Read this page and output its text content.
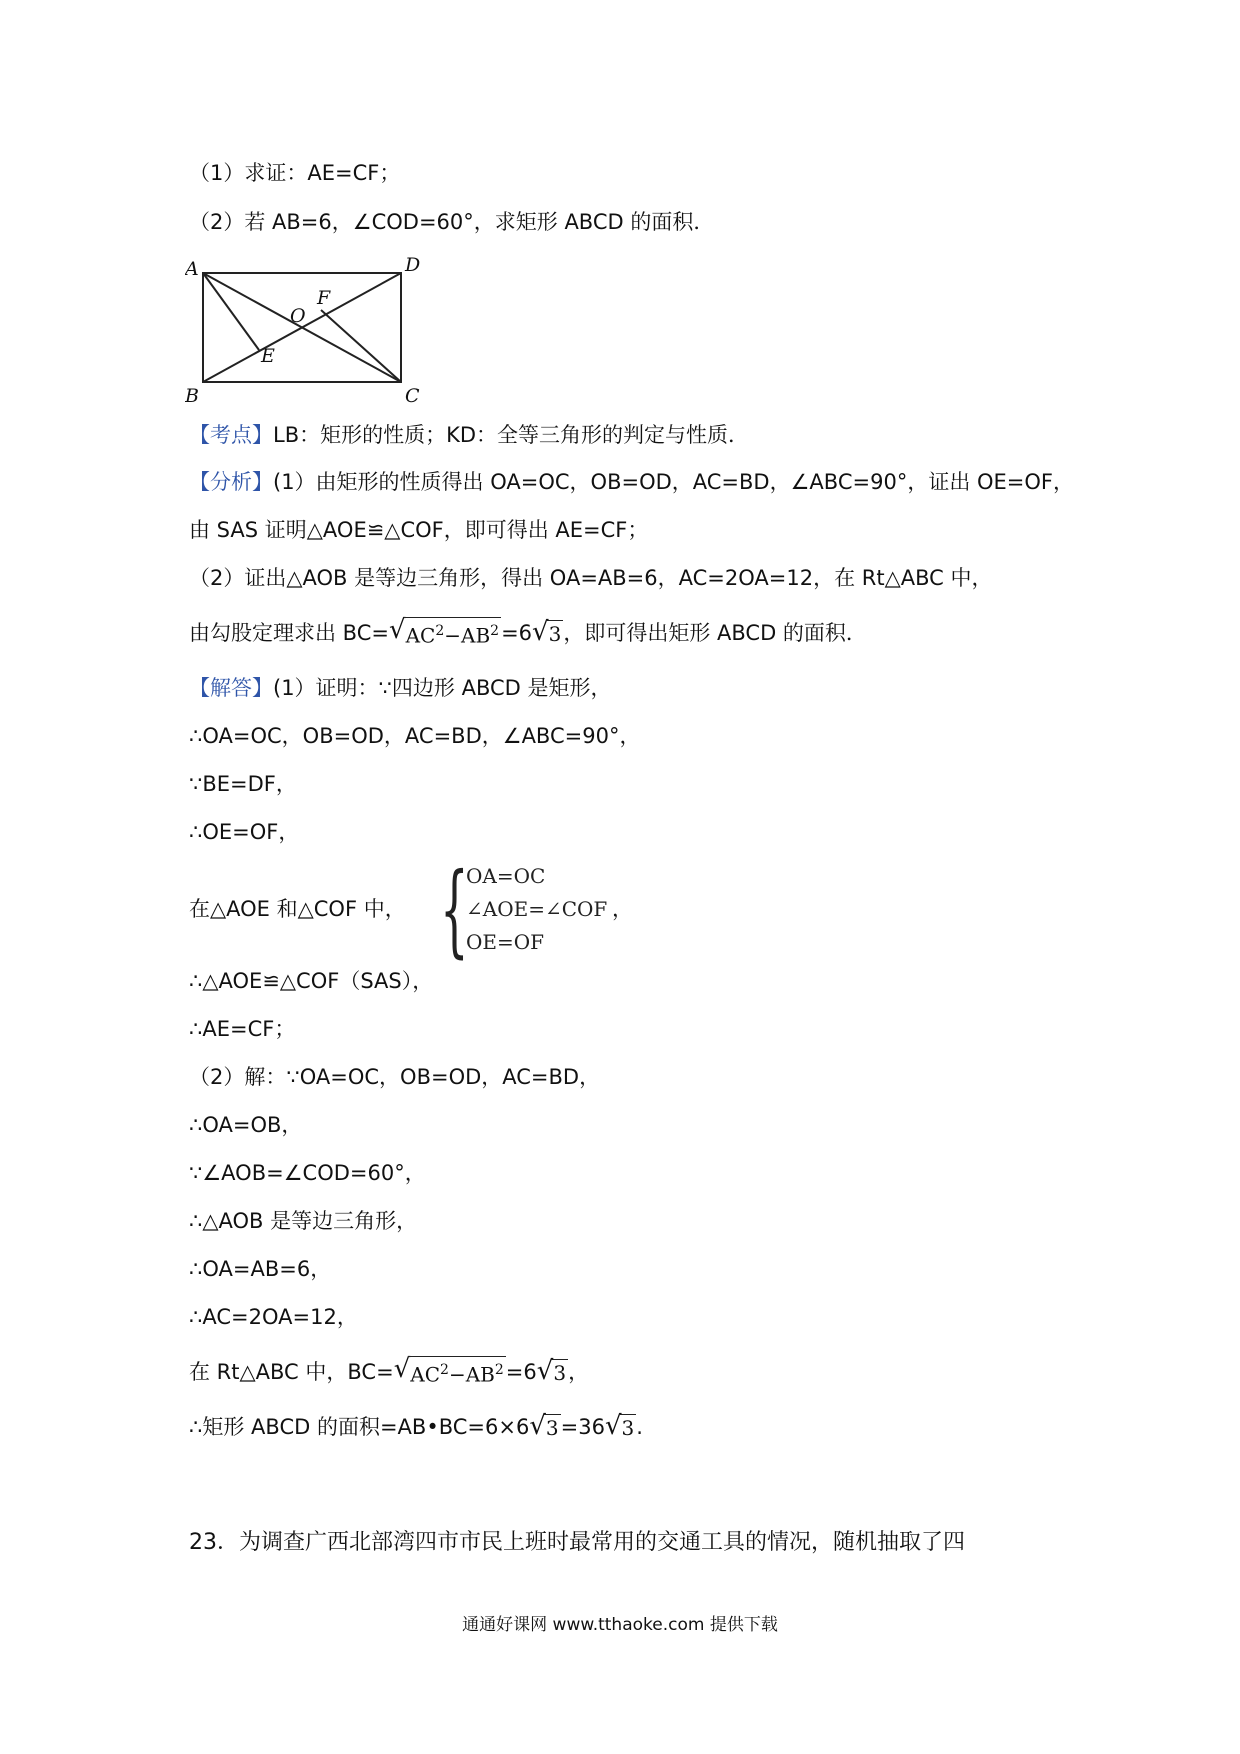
（1）求证：AE=CF；
（2）若 AB=6，∠COD=60°，求矩形 ABCD 的面积．
A	D
B	C
O
F
E
【考点】LB：矩形的性质；KD：全等三角形的判定与性质．
【分析】(1）由矩形的性质得出 OA=OC，OB=OD，AC=BD，∠ABC=90°，证出 OE=OF，
由 SAS 证明△AOE≌△COF，即可得出 AE=CF；
（2）证出△AOB 是等边三角形，得出 OA=AB=6，AC=2OA=12，在 Rt△ABC 中，
由勾股定理求出 $BC=√AC^2-AB^2=6√3$，即可得出矩形 ABCD 的面积．
【解答】(1）证明：∵四边形 ABCD 是矩形，
∴OA=OC，OB=OD，AC=BD，∠ABC=90°，
∵BE=DF，
∴OE=OF，
在△AOE 和△COF 中， {
OA=OC
∠AOE=∠COF
OE=OF
，
∴△AOE≌△COF（SAS），
∴AE=CF；
（2）解：∵OA=OC，OB=OD，AC=BD，
∴OA=OB，
∵∠AOB=∠COD=60°，
∴△AOB 是等边三角形，
∴OA=AB=6，
∴AC=2OA=12，
在 Rt△ABC 中，$BC=√AC^2-AB^2=6√3$，
∴矩形 ABCD 的面积=AB•BC=6×6√3=36√3.
23．为调查广西北部湾四市市民上班时最常用的交通工具的情况，随机抽取了四
通通好课网 www.tthaoke.com 提供下载
